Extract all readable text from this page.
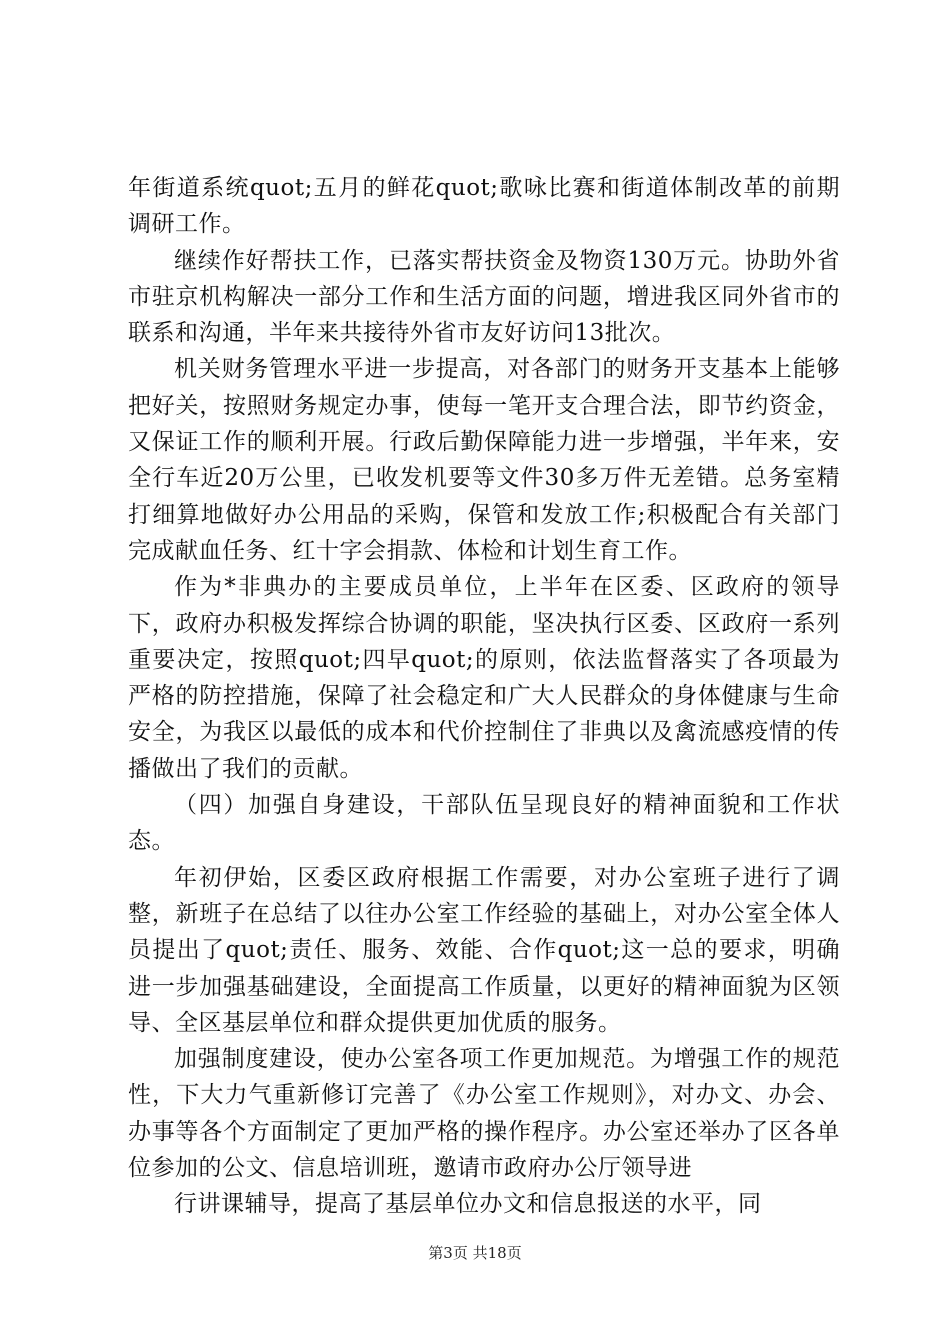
年街道系统quot;五月的鲜花quot;歌咏比赛和街道体制改革的前期调研工作。

继续作好帮扶工作，已落实帮扶资金及物资130万元。协助外省市驻京机构解决一部分工作和生活方面的问题，增进我区同外省市的联系和沟通，半年来共接待外省市友好访问13批次。

机关财务管理水平进一步提高，对各部门的财务开支基本上能够把好关，按照财务规定办事，使每一笔开支合理合法，即节约资金，又保证工作的顺利开展。行政后勤保障能力进一步增强，半年来，安全行车近20万公里，已收发机要等文件30多万件无差错。总务室精打细算地做好办公用品的采购，保管和发放工作;积极配合有关部门完成献血任务、红十字会捐款、体检和计划生育工作。

作为*非典办的主要成员单位，上半年在区委、区政府的领导下，政府办积极发挥综合协调的职能，坚决执行区委、区政府一系列重要决定，按照quot;四早quot;的原则，依法监督落实了各项最为严格的防控措施，保障了社会稳定和广大人民群众的身体健康与生命安全，为我区以最低的成本和代价控制住了非典以及禽流感疫情的传播做出了我们的贡献。

（四）加强自身建设，干部队伍呈现良好的精神面貌和工作状态。

年初伊始，区委区政府根据工作需要，对办公室班子进行了调整，新班子在总结了以往办公室工作经验的基础上，对办公室全体人员提出了quot;责任、服务、效能、合作quot;这一总的要求，明确进一步加强基础建设，全面提高工作质量，以更好的精神面貌为区领导、全区基层单位和群众提供更加优质的服务。

加强制度建设，使办公室各项工作更加规范。为增强工作的规范性，下大力气重新修订完善了《办公室工作规则》，对办文、办会、办事等各个方面制定了更加严格的操作程序。办公室还举办了区各单位参加的公文、信息培训班，邀请市政府办公厅领导进

行讲课辅导，提高了基层单位办文和信息报送的水平，同

第3页 共18页
